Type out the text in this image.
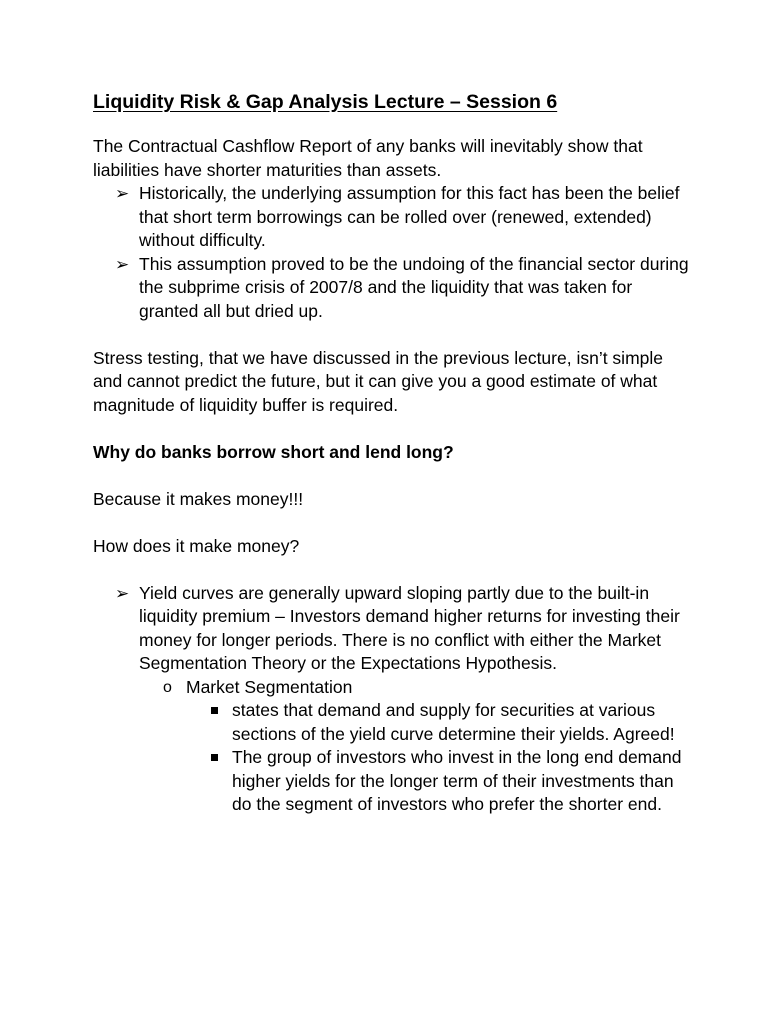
Liquidity Risk & Gap Analysis Lecture – Session 6

The Contractual Cashflow Report of any banks will inevitably show that liabilities have shorter maturities than assets.

➢ Historically, the underlying assumption for this fact has been the belief that short term borrowings can be rolled over (renewed, extended) without difficulty.
➢ This assumption proved to be the undoing of the financial sector during the subprime crisis of 2007/8 and the liquidity that was taken for granted all but dried up.

Stress testing, that we have discussed in the previous lecture, isn’t simple and cannot predict the future, but it can give you a good estimate of what magnitude of liquidity buffer is required.

Why do banks borrow short and lend long?

Because it makes money!!!

How does it make money?

➢ Yield curves are generally upward sloping partly due to the built-in liquidity premium – Investors demand higher returns for investing their money for longer periods. There is no conflict with either the Market Segmentation Theory or the Expectations Hypothesis.
o Market Segmentation
states that demand and supply for securities at various sections of the yield curve determine their yields. Agreed!
The group of investors who invest in the long end demand higher yields for the longer term of their investments than do the segment of investors who prefer the shorter end.
